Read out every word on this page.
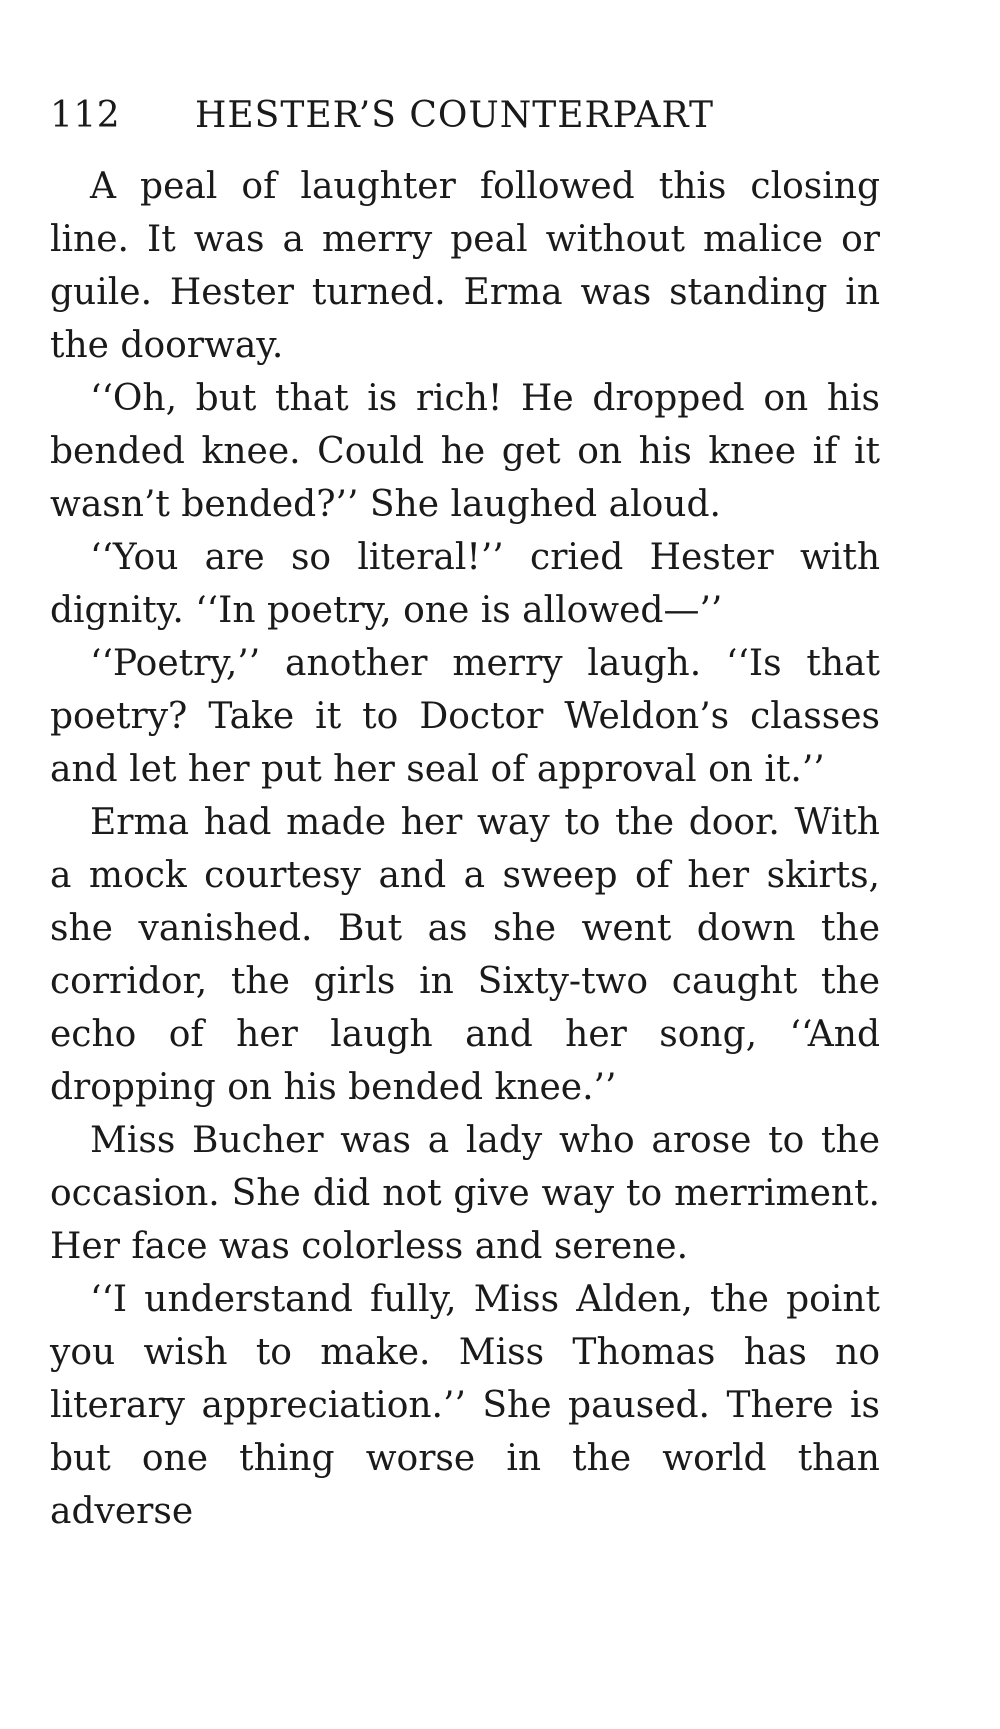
112 HESTER’S COUNTERPART

A peal of laughter followed this closing line. It was a merry peal without malice or guile. Hester turned. Erma was standing in the doorway.

‘‘Oh, but that is rich! He dropped on his bended knee. Could he get on his knee if it wasn’t bended?’’ She laughed aloud.

‘‘You are so literal!’’ cried Hester with dignity. ‘‘In poetry, one is allowed—’’

‘‘Poetry,’’ another merry laugh. ‘‘Is that poetry? Take it to Doctor Weldon’s classes and let her put her seal of approval on it.’’

Erma had made her way to the door. With a mock courtesy and a sweep of her skirts, she vanished. But as she went down the corridor, the girls in Sixty-two caught the echo of her laugh and her song, ‘‘And dropping on his bended knee.’’

Miss Bucher was a lady who arose to the occasion. She did not give way to merriment. Her face was colorless and serene.

‘‘I understand fully, Miss Alden, the point you wish to make. Miss Thomas has no literary appreciation.’’ She paused. There is but one thing worse in the world than adverse
